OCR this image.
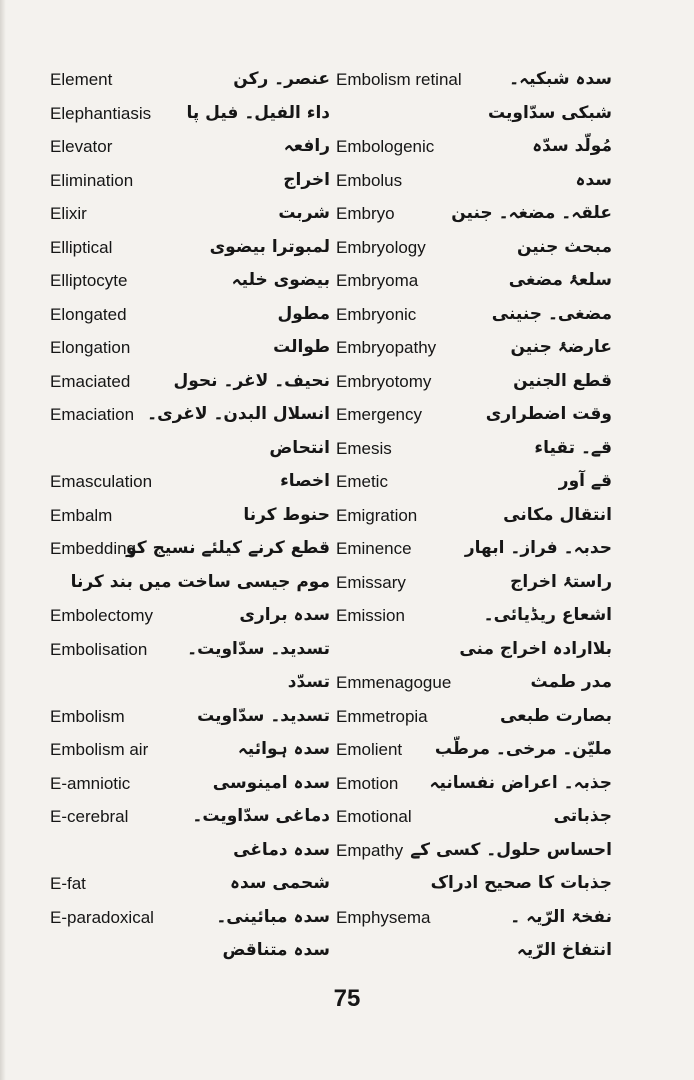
Element	عنصر۔ رکن
Elephantiasis داء الفیل۔ فیل پا
Elevator	رافعہ
Elimination	اخراج
Elixir	شربت
Elliptical	لمبوترا بیضوی
Elliptocyte	بیضوی خلیہ
Elongated	مطول
Elongation	طوالت
Emaciated	نحیف۔ لاغر۔ نحول
Emaciation انسلال البدن۔ لاغری۔
انتحاض
Emasculation	اخصاء
Embalm	حنوط کرنا
Embedding
قطع کرنے کیلئے نسیج کو
موم جیسی ساخت میں بند کرنا
Embolectomy	سدہ براری
Embolisation تسدید۔ سدّاویت۔
تسدّد
Embolism	تسدید۔ سدّاویت
Embolism air	سدہ ہوائیہ
E-amniotic	سدہ امینوسی
E-cerebral	دماغی سدّاویت۔
سدہ دماغی
E-fat	شحمی سدہ
E-paradoxical	سدہ مبائینی۔
سدہ متناقض
Embolism retinal	سدہ شبکیہ۔
شبکی سدّاویت
Embologenic	مُولّد سدّہ
Embolus	سدہ
Embryo	علقہ۔ مضغہ۔ جنین
Embryology	مبحث جنین
Embryoma	سلعۂ مضغی
Embryonic	مضغی۔ جنینی
Embryopathy	عارضۂ جنین
Embryotomy	قطع الجنین
Emergency	وقت اضطراری
Emesis	قے۔ تقیاء
Emetic	قے آور
Emigration	انتقال مکانی
Eminence	حدبہ۔ فراز۔ ابھار
Emissary	راستۂ اخراج
Emission	اشعاع ریڈیائی۔
بلاارادہ اخراج منی
Emmenagogue	مدر طمث
Emmetropia	بصارت طبعی
Emolient ملیّن۔ مرخی۔ مرطّب
Emotion جذبہ۔ اعراض نفسانیہ
Emotional	جذباتی
Empathy احساس حلول۔ کسی کے
جذبات کا صحیح ادراک
Emphysema	نفخۃ الرّیہ ۔
انتفاخ الرّیہ
75
